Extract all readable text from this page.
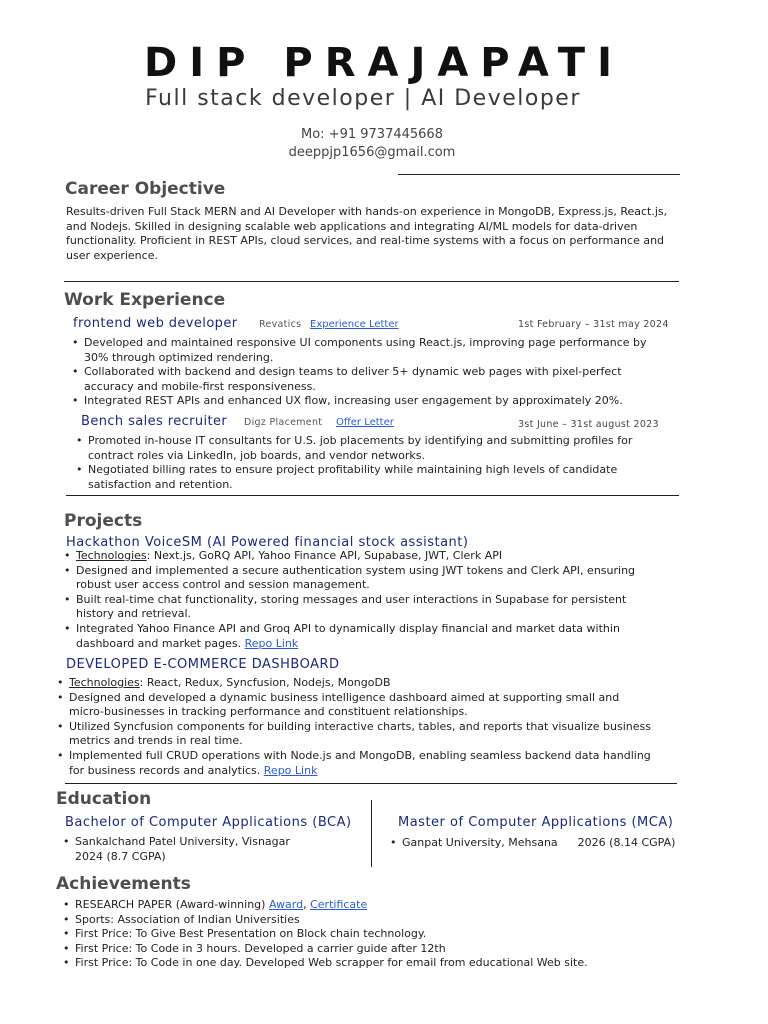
DIP PRAJAPATI
Full stack developer | AI Developer
Mo: +91 9737445668
deeppjp1656@gmail.com
Career Objective
Results-driven Full Stack MERN and AI Developer with hands-on experience in MongoDB, Express.js, React.js,
and Nodejs. Skilled in designing scalable web applications and integrating AI/ML models for data-driven
functionality. Proficient in REST APIs, cloud services, and real-time systems with a focus on performance and
user experience.
Work Experience
frontend web developer Revatics Experience Letter	1st February – 31st may 2024
• Developed and maintained responsive UI components using React.js, improving page performance by
30% through optimized rendering.
• Collaborated with backend and design teams to deliver 5+ dynamic web pages with pixel-perfect
accuracy and mobile-first responsiveness.
• Integrated REST APIs and enhanced UX flow, increasing user engagement by approximately 20%.
Bench sales recruiter Digz Placement Offer Letter	3st June – 31st august 2023
• Promoted in-house IT consultants for U.S. job placements by identifying and submitting profiles for
contract roles via LinkedIn, job boards, and vendor networks.
• Negotiated billing rates to ensure project profitability while maintaining high levels of candidate
satisfaction and retention.
Projects
Hackathon VoiceSM (AI Powered financial stock assistant)
• Technologies: Next.js, GoRQ API, Yahoo Finance API, Supabase, JWT, Clerk API
• Designed and implemented a secure authentication system using JWT tokens and Clerk API, ensuring
robust user access control and session management.
• Built real-time chat functionality, storing messages and user interactions in Supabase for persistent
history and retrieval.
• Integrated Yahoo Finance API and Groq API to dynamically display financial and market data within
dashboard and market pages. Repo Link
DEVELOPED E-COMMERCE DASHBOARD
• Technologies: React, Redux, Syncfusion, Nodejs, MongoDB
• Designed and developed a dynamic business intelligence dashboard aimed at supporting small and
micro-businesses in tracking performance and constituent relationships.
• Utilized Syncfusion components for building interactive charts, tables, and reports that visualize business
metrics and trends in real time.
• Implemented full CRUD operations with Node.js and MongoDB, enabling seamless backend data handling
for business records and analytics. Repo Link
Education
Bachelor of Computer Applications (BCA)
• Sankalchand Patel University, Visnagar
2024 (8.7 CGPA)
Master of Computer Applications (MCA)
• Ganpat University, Mehsana 2026 (8.14 CGPA)
Achievements
• RESEARCH PAPER (Award-winning) Award, Certificate
• Sports: Association of Indian Universities
• First Price: To Give Best Presentation on Block chain technology.
• First Price: To Code in 3 hours. Developed a carrier guide after 12th
• First Price: To Code in one day. Developed Web scrapper for email from educational Web site.
